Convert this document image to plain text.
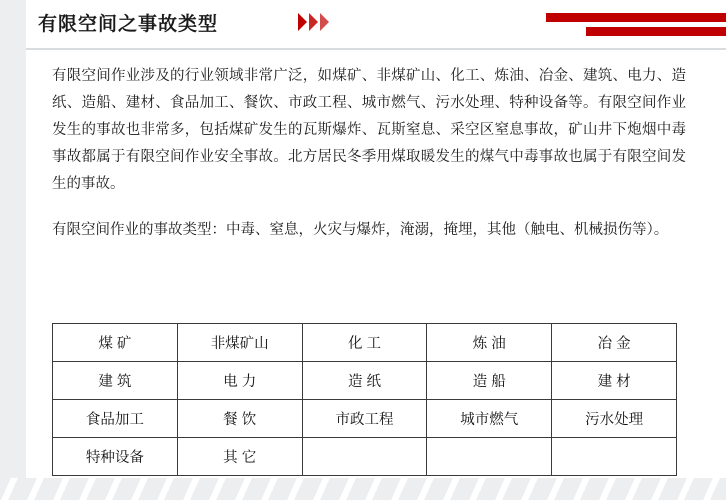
有限空间之事故类型

有限空间作业涉及的行业领域非常广泛，如煤矿、非煤矿山、化工、炼油、冶金、建筑、电力、造纸、造船、建材、食品加工、餐饮、市政工程、城市燃气、污水处理、特种设备等。有限空间作业发生的事故也非常多，包括煤矿发生的瓦斯爆炸、瓦斯窒息、采空区窒息事故，矿山井下炮烟中毒事故都属于有限空间作业安全事故。北方居民冬季用煤取暖发生的煤气中毒事故也属于有限空间发生的事故。

有限空间作业的事故类型：中毒、窒息，火灾与爆炸，淹溺，掩埋，其他（触电、机械损伤等）。

煤 矿	非煤矿山	化 工	炼 油	冶 金
建 筑	电 力	造 纸	造 船	建 材
食品加工	餐 饮	市政工程	城市燃气	污水处理
特种设备	其 它			
